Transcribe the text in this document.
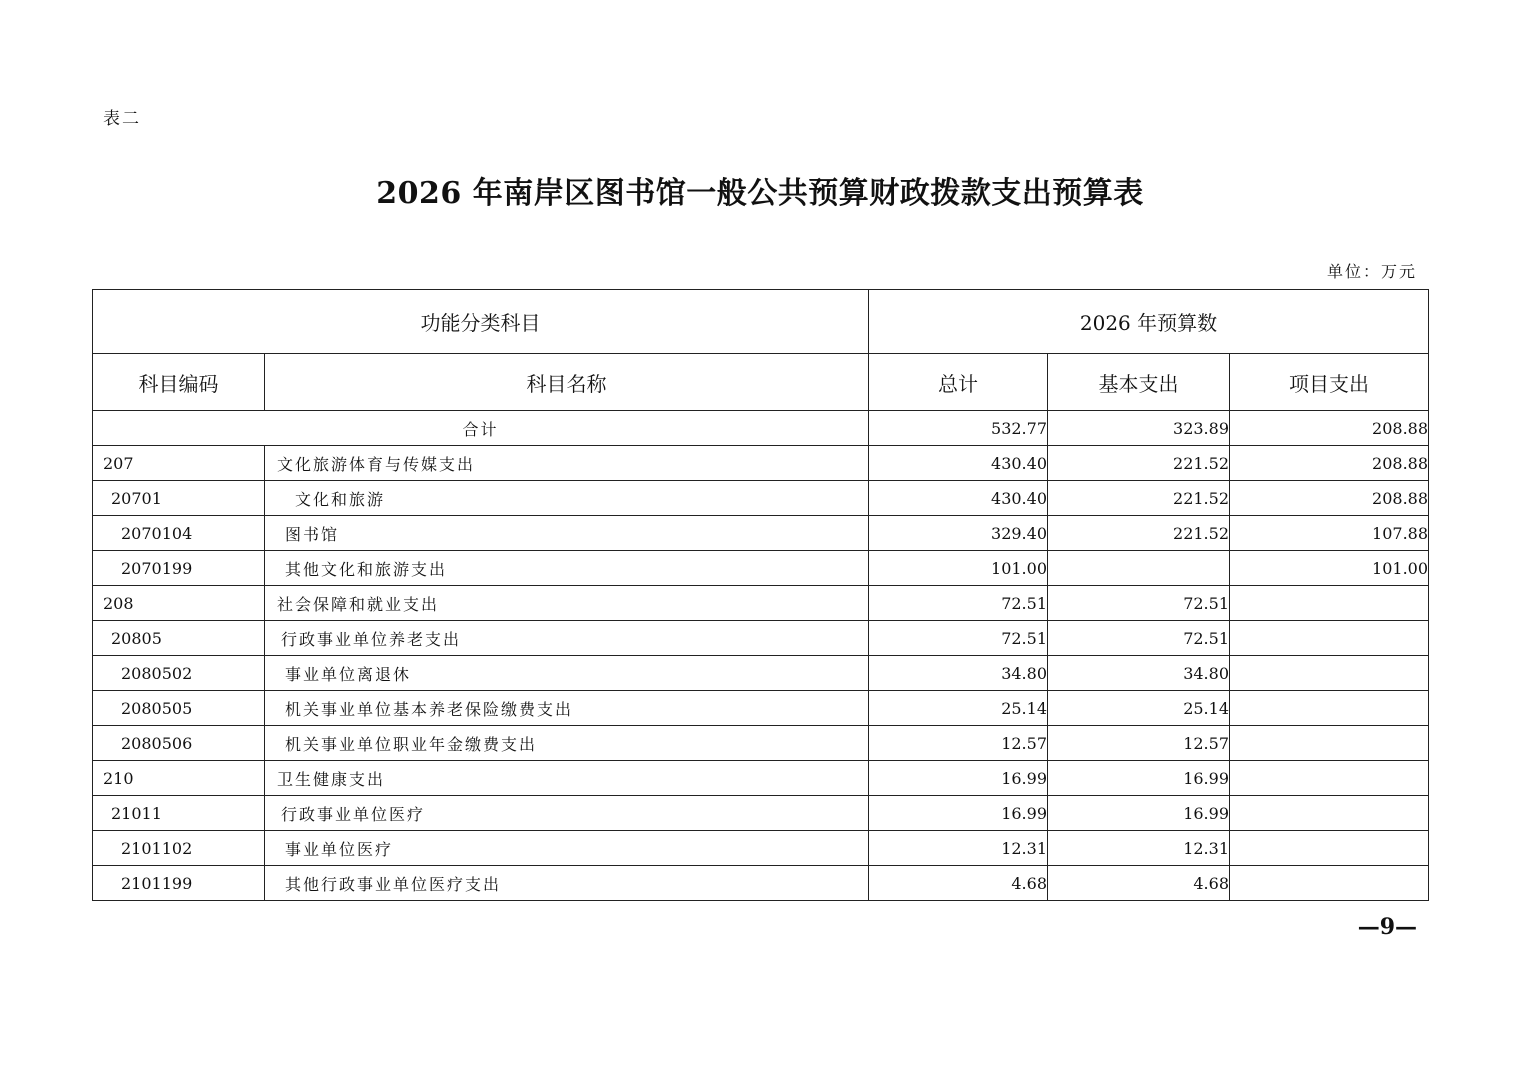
表二
2026 年南岸区图书馆一般公共预算财政拨款支出预算表
单位：万元
功能分类科目		2026 年预算数		
科目编码	科目名称	总计	基本支出	项目支出
合计		532.77	323.89	208.88
207	文化旅游体育与传媒支出	430.40	221.52	208.88
20701	文化和旅游	430.40	221.52	208.88
2070104	图书馆	329.40	221.52	107.88
2070199	其他文化和旅游支出	101.00		101.00
208	社会保障和就业支出	72.51	72.51	
20805	行政事业单位养老支出	72.51	72.51	
2080502	事业单位离退休	34.80	34.80	
2080505	机关事业单位基本养老保险缴费支出	25.14	25.14	
2080506	机关事业单位职业年金缴费支出	12.57	12.57	
210	卫生健康支出	16.99	16.99	
21011	行政事业单位医疗	16.99	16.99	
2101102	事业单位医疗	12.31	12.31	
2101199	其他行政事业单位医疗支出	4.68	4.68	
—9—
